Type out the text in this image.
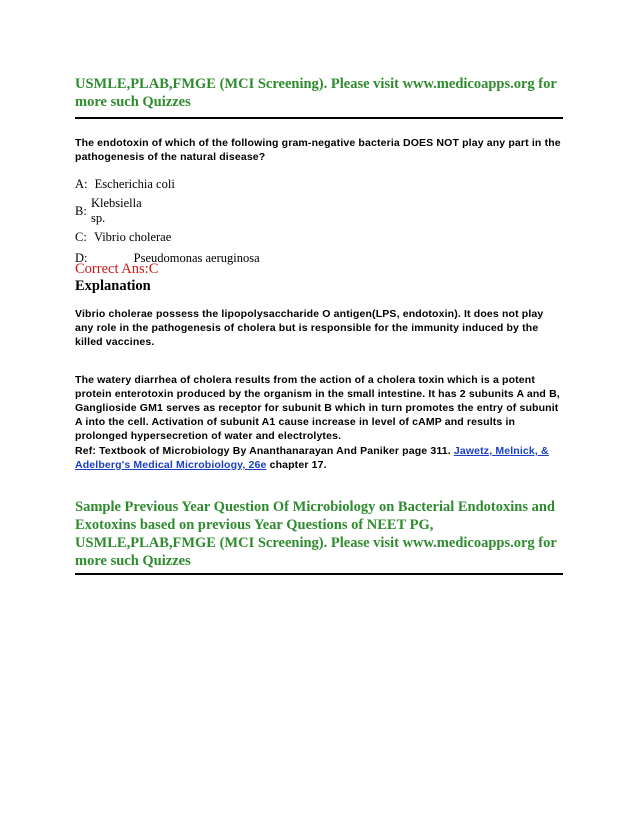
USMLE,PLAB,FMGE (MCI Screening). Please visit www.medicoapps.org for

more such Quizzes

The endotoxin of which of the following gram-negative bacteria DOES NOT play any part in the pathogenesis of the natural disease?

A: Escherichia coli
B:
Klebsiella
sp.
C: Vibrio cholerae
D:	Pseudomonas aeruginosa

Correct Ans:C

Explanation

Vibrio cholerae possess the lipopolysaccharide O antigen(LPS, endotoxin). It does not play any role in the pathogenesis of cholera but is responsible for the immunity induced by the killed vaccines.

The watery diarrhea of cholera results from the action of a cholera toxin which is a potent protein enterotoxin produced by the organism in the small intestine. It has 2 subunits A and B, Ganglioside GM1 serves as receptor for subunit B which in turn promotes the entry of subunit A into the cell. Activation of subunit A1 cause increase in level of cAMP and results in prolonged hypersecretion of water and electrolytes.

Ref: Textbook of Microbiology By Ananthanarayan And Paniker page 311. Jawetz, Melnick, & Adelberg's Medical Microbiology, 26e chapter 17.

Sample Previous Year Question Of Microbiology on Bacterial Endotoxins and

Exotoxins based on previous Year Questions of NEET PG,

USMLE,PLAB,FMGE (MCI Screening). Please visit www.medicoapps.org for

more such Quizzes
